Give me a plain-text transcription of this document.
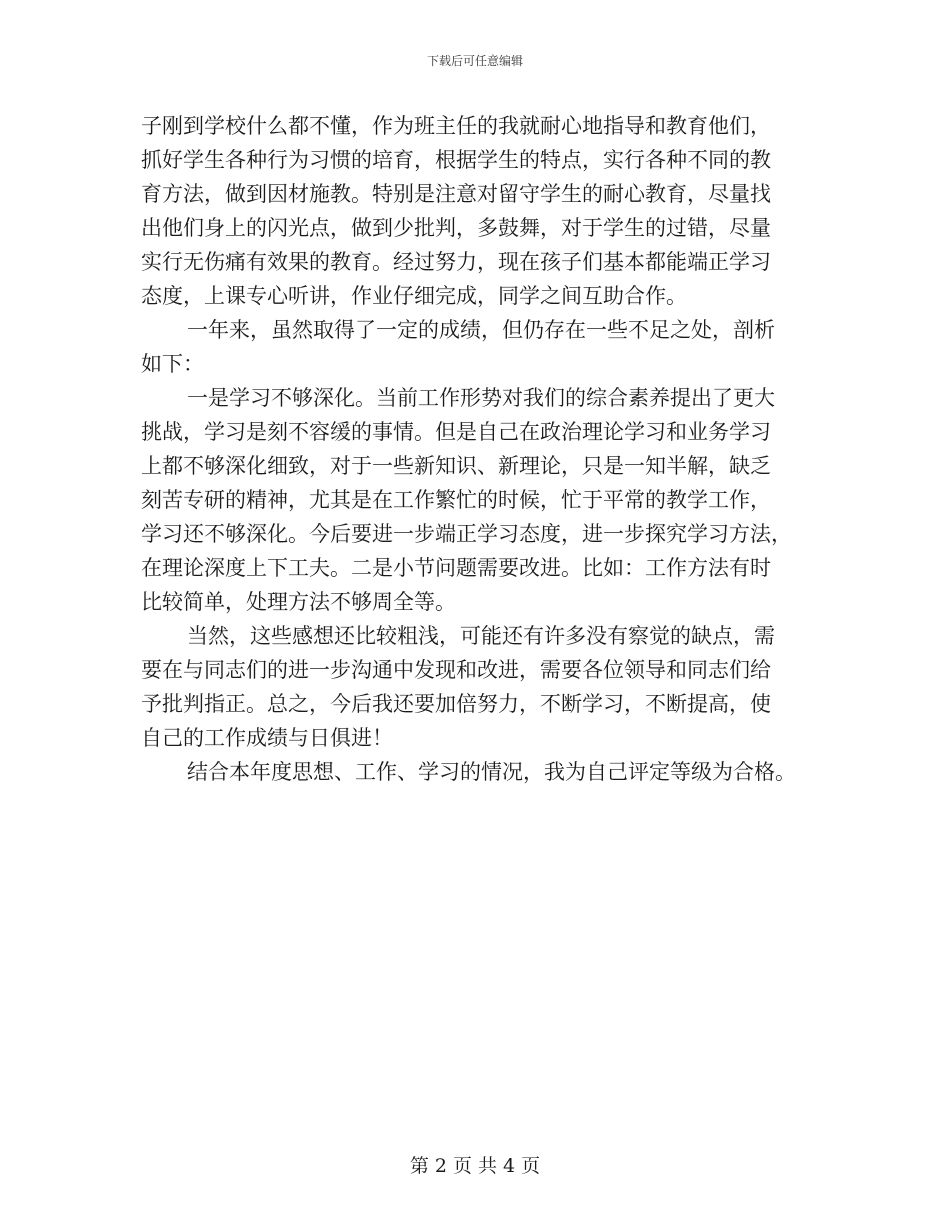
下载后可任意编辑
子刚到学校什么都不懂，作为班主任的我就耐心地指导和教育他们，
抓好学生各种行为习惯的培育，根据学生的特点，实行各种不同的教
育方法，做到因材施教。特别是注意对留守学生的耐心教育，尽量找
出他们身上的闪光点，做到少批判，多鼓舞，对于学生的过错，尽量
实行无伤痛有效果的教育。经过努力，现在孩子们基本都能端正学习
态度，上课专心听讲，作业仔细完成，同学之间互助合作。
一年来，虽然取得了一定的成绩，但仍存在一些不足之处，剖析
如下：
一是学习不够深化。当前工作形势对我们的综合素养提出了更大
挑战，学习是刻不容缓的事情。但是自己在政治理论学习和业务学习
上都不够深化细致，对于一些新知识、新理论，只是一知半解，缺乏
刻苦专研的精神，尤其是在工作繁忙的时候，忙于平常的教学工作，
学习还不够深化。今后要进一步端正学习态度，进一步探究学习方法，
在理论深度上下工夫。二是小节问题需要改进。比如：工作方法有时
比较简单，处理方法不够周全等。
当然，这些感想还比较粗浅，可能还有许多没有察觉的缺点，需
要在与同志们的进一步沟通中发现和改进，需要各位领导和同志们给
予批判指正。总之，今后我还要加倍努力，不断学习，不断提高，使
自己的工作成绩与日俱进！
结合本年度思想、工作、学习的情况，我为自己评定等级为合格。
第 2 页 共 4 页
